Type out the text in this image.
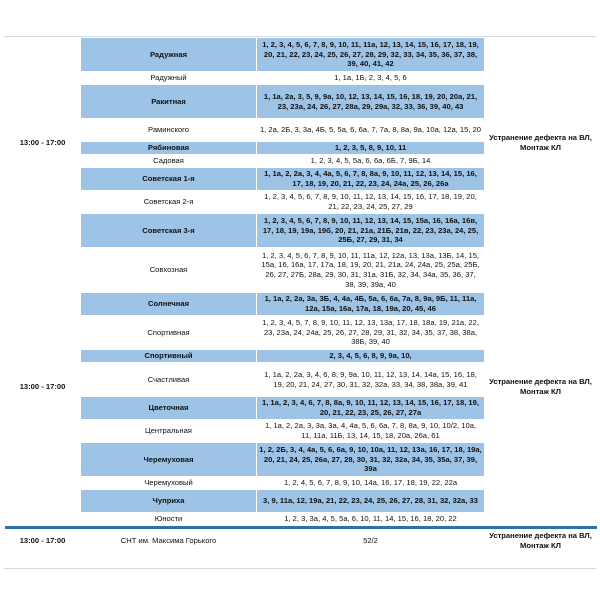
13:00 - 17:00	Радужная	1, 2, 3, 4, 5, 6, 7, 8, 9, 10, 11, 11а, 12, 13, 14, 15, 16, 17, 18, 19, 20, 21, 22, 23, 24, 25, 26, 27, 28, 29, 32, 33, 34, 35, 36, 37, 38, 39, 40, 41, 42	Устранение дефекта на ВЛ, Монтаж КЛ
	Радужный	1, 1а, 1Б, 2, 3, 4, 5, 6	
	Ракитная	1, 1а, 2а, 3, 5, 9, 9а, 10, 12, 13, 14, 15, 16, 18, 19, 20, 20а, 21, 23, 23а, 24, 26, 27, 28а, 29, 29а, 32, 33, 36, 39, 40, 43	
	Раминского	1, 2а, 2Б, 3, 3а, 4Б, 5, 5а, 6, 6а, 7, 7а, 8, 8а, 9а, 10а, 12а, 15, 20	
	Рябиновая	1, 2, 3, 5, 8, 9, 10, 11	
	Садовая	1, 2, 3, 4, 5, 5а, 6, 6а, 6Б, 7, 9Б, 14	
	Советская 1-я	1, 1а, 2, 2а, 3, 4, 4а, 5, 6, 7, 8, 8а, 9, 10, 11, 12, 13, 14, 15, 16, 17, 18, 19, 20, 21, 22, 23, 24, 24а, 25, 26, 26а	
	Советская 2-я	1, 2, 3, 4, 5, 6, 7, 8, 9, 10, 11, 12, 13, 14, 15, 16, 17, 18, 19, 20, 21, 22, 23, 24, 25, 27, 29	
	Советская 3-я	1, 2, 3, 4, 5, 6, 7, 8, 9, 10, 11, 12, 13, 14, 15, 15а, 16, 16а, 16в, 17, 18, 19, 19а, 19б, 20, 21, 21а, 21Б, 21в, 22, 23, 23а, 24, 25, 25Б, 27, 29, 31, 34	
13:00 - 17:00	Совхозная	1, 2, 3, 4, 5, 6, 7, 8, 9, 10, 11, 11а, 12, 12а, 13, 13а, 13Б, 14, 15, 15а, 16, 16а, 17, 17а, 18, 19, 20, 21, 21а, 24, 24а, 25, 25а, 25Б, 26, 27, 27Б, 28а, 29, 30, 31, 31а, 31Б, 32, 34, 34а, 35, 36, 37, 38, 39, 39а, 40	Устранение дефекта на ВЛ, Монтаж КЛ
	Солнечная	1, 1а, 2, 2а, 3а, 3Б, 4, 4а, 4Б, 5а, 6, 6а, 7а, 8, 9а, 9Б, 11, 11а, 12а, 15а, 16а, 17а, 18, 19а, 20, 45, 46	
	Спортивная	1, 2, 3, 4, 5, 7, 8, 9, 10, 11, 12, 13, 13а, 17, 18, 18а, 19, 21а, 22, 23, 23а, 24, 24а, 25, 26, 27, 28, 29, 31, 32, 34, 35, 37, 38, 38а, 38Б, 39, 40	
	Спортивный	2, 3, 4, 5, 6, 8, 9, 9а, 10,	
	Счастливая	1, 1а, 2, 2а, 3, 4, 6, 8, 9, 9а, 10, 11, 12, 13, 14, 14а, 15, 16, 18, 19, 20, 21, 24, 27, 30, 31, 32, 32а, 33, 34, 38, 38а, 39, 41	
	Цветочная	1, 1а, 2, 3, 4, 6, 7, 8, 8а, 9, 10, 11, 12, 13, 14, 15, 16, 17, 18, 19, 20, 21, 22, 23, 25, 26, 27, 27а	
	Центральная	1, 1а, 2, 2а, 3, 3а, 3а, 4, 4а, 5, 6, 6а, 7, 8, 8а, 9, 10, 10/2, 10а, 11, 11а, 11Б, 13, 14, 15, 18, 20а, 26а, 61	
	Черемуховая	1, 2, 2Б, 3, 4, 4а, 5, 6, 6а, 9, 10, 10а, 11, 12, 13а, 16, 17, 18, 19а, 20, 21, 24, 25, 26а, 27, 28, 30, 31, 32, 32а, 34, 35, 35а, 37, 39, 39а	
	Черемуховый	1, 2, 4, 5, 6, 7, 8, 9, 10, 14а, 16, 17, 18, 19, 22, 22а	
	Чуприха	3, 9, 11а, 12, 19а, 21, 22, 23, 24, 25, 26, 27, 28, 31, 32, 32а, 33	
	Юности	1, 2, 3, 3а, 4, 5, 5а, 6, 10, 11, 14, 15, 16, 18, 20, 22	

13:00 - 17:00	СНТ им. Максима Горького	52/2	Устранение дефекта на ВЛ, Монтаж КЛ
